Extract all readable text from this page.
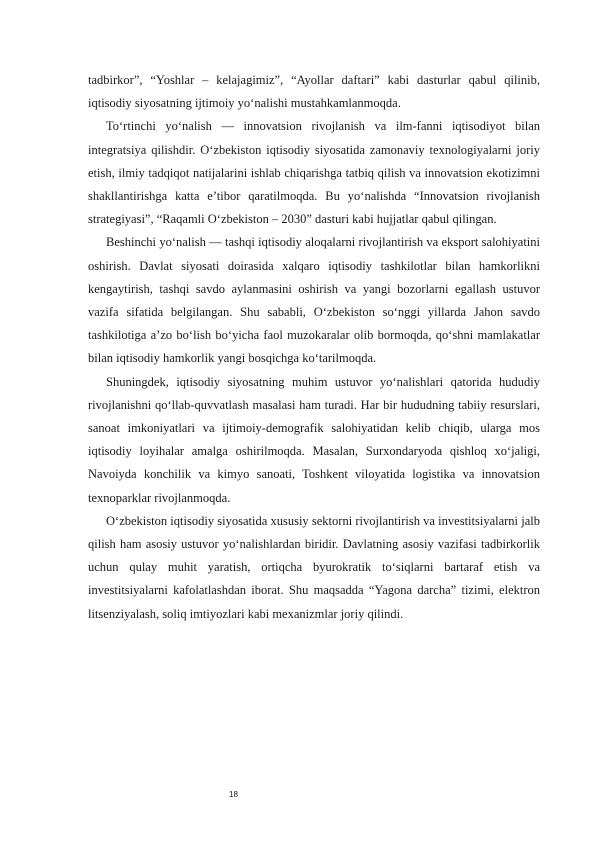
tadbirkor”, “Yoshlar – kelajagimiz”, “Ayollar daftari” kabi dasturlar qabul qilinib, iqtisodiy siyosatning ijtimoiy yo‘nalishi mustahkamlanmoqda.

To‘rtinchi yo‘nalish — innovatsion rivojlanish va ilm-fanni iqtisodiyot bilan integratsiya qilishdir. O‘zbekiston iqtisodiy siyosatida zamonaviy texnologiyalarni joriy etish, ilmiy tadqiqot natijalarini ishlab chiqarishga tatbiq qilish va innovatsion ekotizimni shakllantirishga katta e’tibor qaratilmoqda. Bu yo‘nalishda “Innovatsion rivojlanish strategiyasi”, “Raqamli O‘zbekiston – 2030” dasturi kabi hujjatlar qabul qilingan.

Beshinchi yo‘nalish — tashqi iqtisodiy aloqalarni rivojlantirish va eksport salohiyatini oshirish. Davlat siyosati doirasida xalqaro iqtisodiy tashkilotlar bilan hamkorlikni kengaytirish, tashqi savdo aylanmasini oshirish va yangi bozorlarni egallash ustuvor vazifa sifatida belgilangan. Shu sababli, O‘zbekiston so‘nggi yillarda Jahon savdo tashkilotiga a’zo bo‘lish bo‘yicha faol muzokaralar olib bormoqda, qo‘shni mamlakatlar bilan iqtisodiy hamkorlik yangi bosqichga ko‘tarilmoqda.

Shuningdek, iqtisodiy siyosatning muhim ustuvor yo‘nalishlari qatorida hududiy rivojlanishni qo‘llab-quvvatlash masalasi ham turadi. Har bir hududning tabiiy resurslari, sanoat imkoniyatlari va ijtimoiy-demografik salohiyatidan kelib chiqib, ularga mos iqtisodiy loyihalar amalga oshirilmoqda. Masalan, Surxondaryoda qishloq xo‘jaligi, Navoiyda konchilik va kimyo sanoati, Toshkent viloyatida logistika va innovatsion texnoparklar rivojlanmoqda.

O‘zbekiston iqtisodiy siyosatida xususiy sektorni rivojlantirish va investitsiyalarni jalb qilish ham asosiy ustuvor yo‘nalishlardan biridir. Davlatning asosiy vazifasi tadbirkorlik uchun qulay muhit yaratish, ortiqcha byurokratik to‘siqlarni bartaraf etish va investitsiyalarni kafolatlashdan iborat. Shu maqsadda “Yagona darcha” tizimi, elektron litsenziyalash, soliq imtiyozlari kabi mexanizmlar joriy qilindi.

18
